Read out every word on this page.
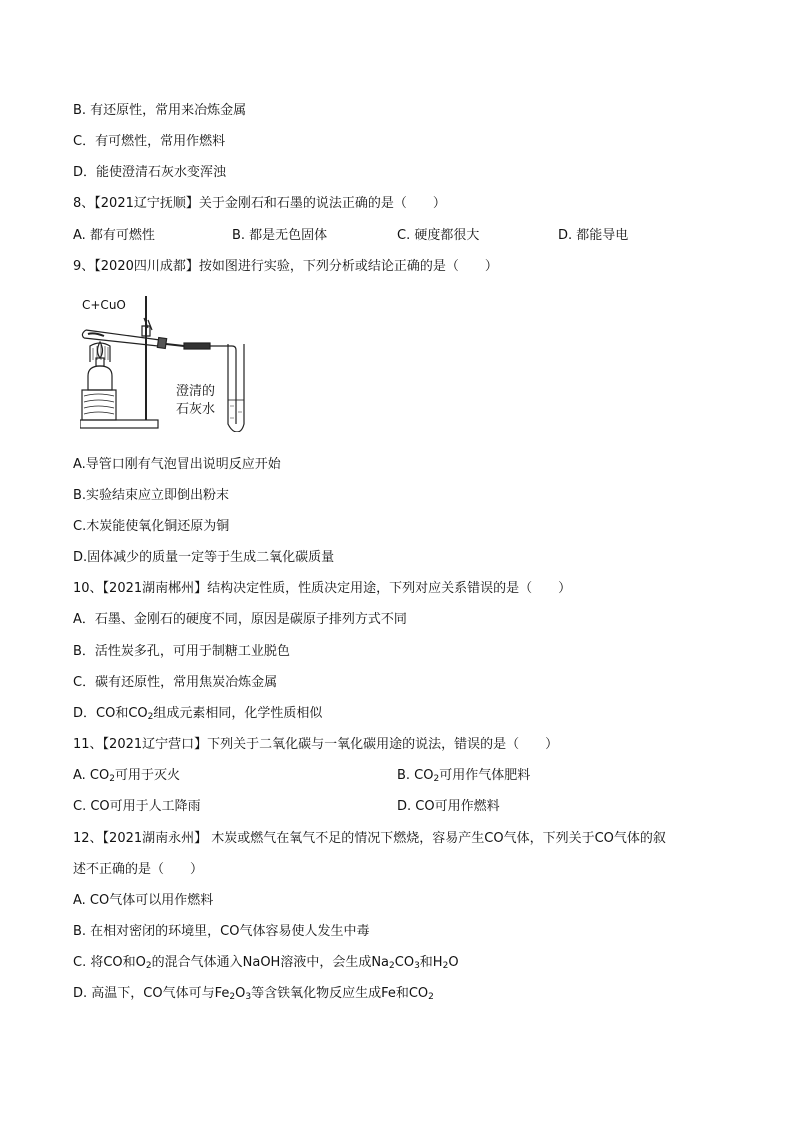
B. 有还原性，常用来冶炼金属
C．有可燃性，常用作燃料
D．能使澄清石灰水变浑浊
8、【2021辽宁抚顺】关于金刚石和石墨的说法正确的是（　　）
A. 都有可燃性	B. 都是无色固体	C. 硬度都很大	D. 都能导电
9、【2020四川成都】按如图进行实验，下列分析或结论正确的是（　　）
C+CuO
澄清的
石灰水
A.导管口刚有气泡冒出说明反应开始
B.实验结束应立即倒出粉末
C.木炭能使氧化铜还原为铜
D.固体减少的质量一定等于生成二氧化碳质量
10、【2021湖南郴州】结构决定性质，性质决定用途，下列对应关系错误的是（　　）
A．石墨、金刚石的硬度不同，原因是碳原子排列方式不同
B．活性炭多孔，可用于制糖工业脱色
C．碳有还原性，常用焦炭冶炼金属
D．CO和$CO_2$组成元素相同，化学性质相似
11、【2021辽宁营口】下列关于二氧化碳与一氧化碳用途的说法，错误的是（　　）
A. $CO_2$可用于灭火	B. $CO_2$可用作气体肥料
C. CO可用于人工降雨	D. CO可用作燃料
12、【2021湖南永州】 木炭或燃气在氧气不足的情况下燃烧，容易产生CO气体，下列关于CO气体的叙
述不正确的是（　　）
A. CO气体可以用作燃料
B. 在相对密闭的环境里，CO气体容易使人发生中毒
C. 将CO和$O_2$的混合气体通入NaOH溶液中，会生成$Na_2CO_3$和$H_2O$
D. 高温下，CO气体可与$Fe_2O_3$等含铁氧化物反应生成Fe和$CO_2$
